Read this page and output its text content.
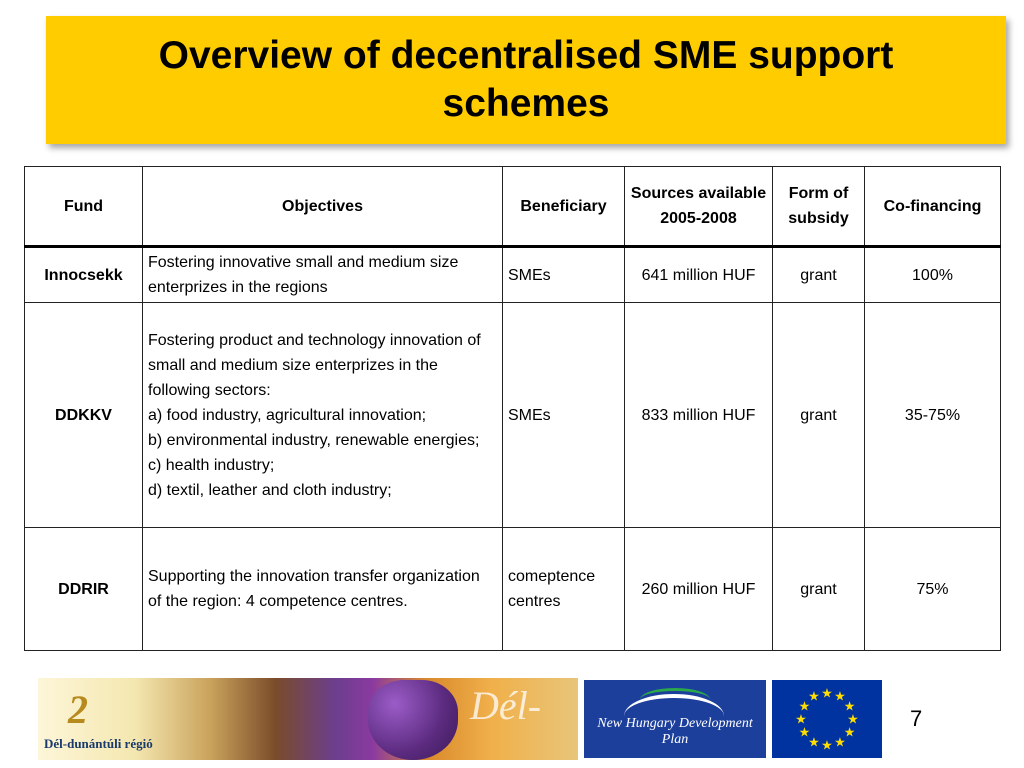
Overview of decentralised SME support schemes
Fund	Objectives	Beneficiary	Sources available 2005-2008	Form of subsidy	Co-financing
Innocsekk	Fostering innovative small and medium size enterprizes in the regions	SMEs	641 million HUF	grant	100%
DDKKV	Fostering product and technology innovation of small and medium size enterprizes in the following sectors:
a) food industry, agricultural innovation;
b) environmental industry, renewable energies;
c) health industry;
d) textil, leather and cloth industry;	SMEs	833 million HUF	grant	35-75%
DDRIR	Supporting the innovation transfer organization of the region: 4 competence centres.	comeptence centres	260 million HUF	grant	75%
2
Dél-dunántúli régió
Dél-	New Hungary Development Plan
★ ★
★
★
★
★
★
★
★
★
★
★
7
